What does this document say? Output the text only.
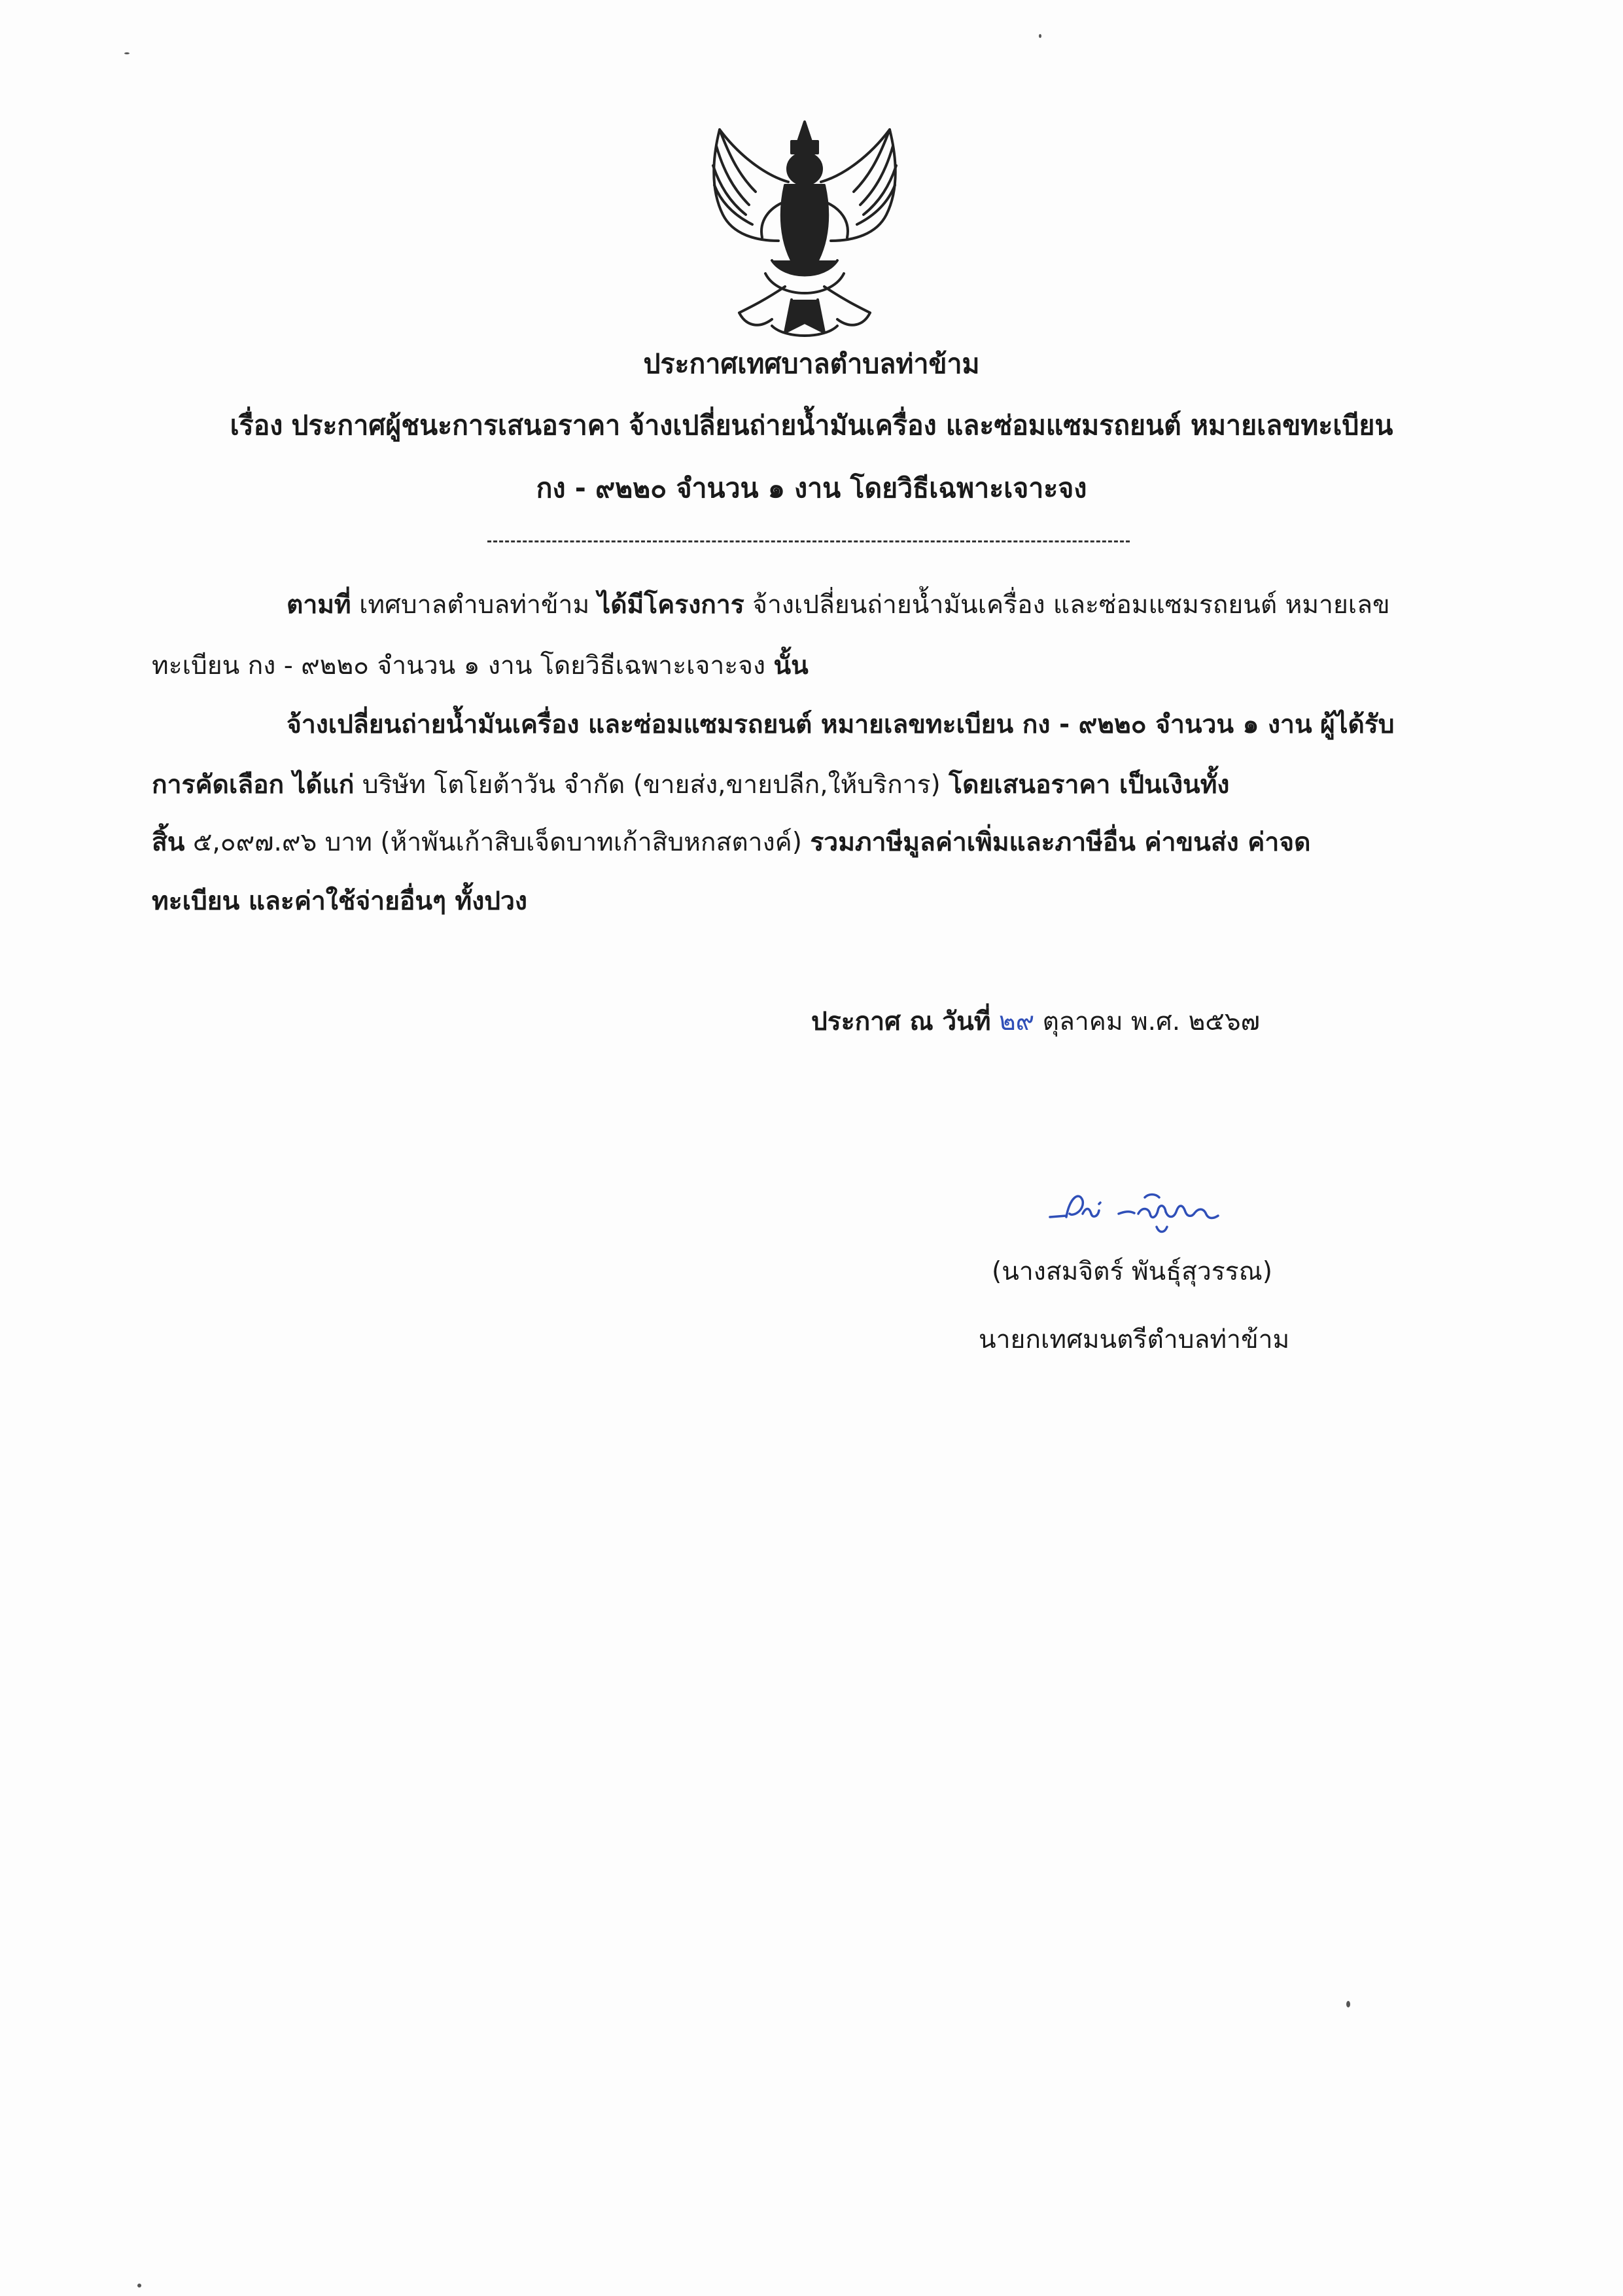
ประกาศเทศบาลตำบลท่าข้าม
เรื่อง ประกาศผู้ชนะการเสนอราคา จ้างเปลี่ยนถ่ายน้ำมันเครื่อง และซ่อมแซมรถยนต์ หมายเลขทะเบียน
กง - ๙๒๒๐ จำนวน ๑ งาน โดยวิธีเฉพาะเจาะจง
ตามที่ เทศบาลตำบลท่าข้าม ได้มีโครงการ จ้างเปลี่ยนถ่ายน้ำมันเครื่อง และซ่อมแซมรถยนต์ หมายเลข
ทะเบียน กง - ๙๒๒๐ จำนวน ๑ งาน โดยวิธีเฉพาะเจาะจง นั้น
จ้างเปลี่ยนถ่ายน้ำมันเครื่อง และซ่อมแซมรถยนต์ หมายเลขทะเบียน กง - ๙๒๒๐ จำนวน ๑ งาน ผู้ได้รับ
การคัดเลือก ได้แก่ บริษัท โตโยต้าวัน จำกัด (ขายส่ง,ขายปลีก,ให้บริการ) โดยเสนอราคา เป็นเงินทั้ง
สิ้น ๕,๐๙๗.๙๖ บาท (ห้าพันเก้าสิบเจ็ดบาทเก้าสิบหกสตางค์) รวมภาษีมูลค่าเพิ่มและภาษีอื่น ค่าขนส่ง ค่าจด
ทะเบียน และค่าใช้จ่ายอื่นๆ ทั้งปวง
ประกาศ ณ วันที่ ๒๙ ตุลาคม พ.ศ. ๒๕๖๗
(นางสมจิตร์ พันธุ์สุวรรณ)
นายกเทศมนตรีตำบลท่าข้าม
